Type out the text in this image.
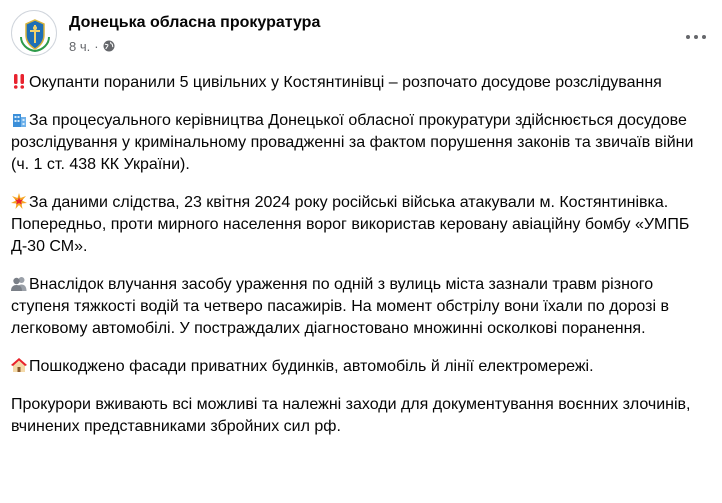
Донецька обласна прокуратура
8 ч. ·

Окупанти поранили 5 цивільних у Костянтинівці – розпочато досудове розслідування

За процесуального керівництва Донецької обласної прокуратури здійснюється досудове розслідування у кримінальному провадженні за фактом порушення законів та звичаїв війни (ч. 1 ст. 438 КК України).

За даними слідства, 23 квітня 2024 року російські війська атакували м. Костянтинівка. Попередньо, проти мирного населення ворог використав керовану авіаційну бомбу «УМПБ Д-30 СМ».

Внаслідок влучання засобу ураження по одній з вулиць міста зазнали травм різного ступеня тяжкості водій та четверо пасажирів. На момент обстрілу вони їхали по дорозі в легковому автомобілі. У постраждалих діагностовано множинні осколкові поранення.

Пошкоджено фасади приватних будинків, автомобіль й лінії електромережі.

Прокурори вживають всі можливі та належні заходи для документування воєнних злочинів, вчинених представниками збройних сил рф.
